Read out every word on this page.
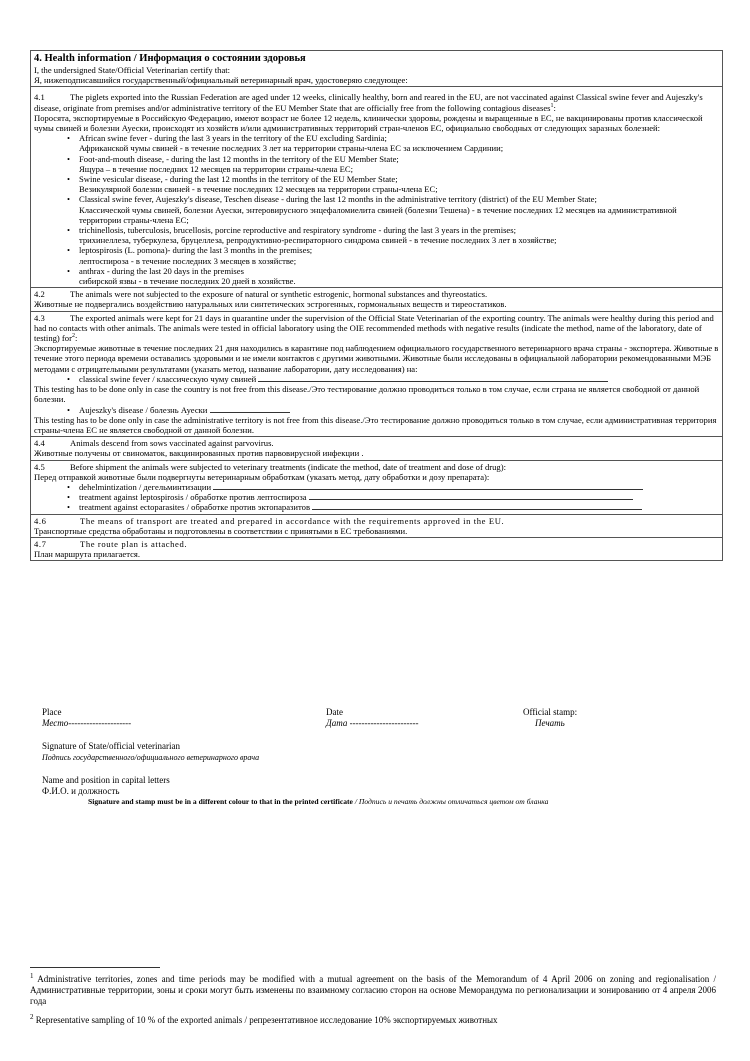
4. Health information / Информация о состоянии здоровья
I, the undersigned State/Official Veterinarian certify that:
Я, нижеподписавшийся государственный/официальный ветеринарный врач, удостоверяю следующее:
4.1	The piglets exported into the Russian Federation are aged under 12 weeks, clinically healthy, born and reared in the EU, are not vaccinated against Classical swine fever and Aujeszky's disease, originate from premises and/or administrative territory of the EU Member State that are officially free from the following contagious diseases$^1$:
Поросята, экспортируемые в Российскую Федерацию, имеют возраст не более 12 недель, клинически здоровы, рождены и выращенные в ЕС, не вакцинированы против классической чумы свиней и болезни Ауески, происходят из хозяйств и/или административных территорий стран-членов ЕС, официально свободных от следующих заразных болезней:
• African swine fever - during the last 3 years in the territory of the EU excluding Sardinia;
Африканской чумы свиней - в течение последних 3 лет на территории страны-члена ЕС за исключением Сардинии;
• Foot-and-mouth disease, - during the last 12 months in the territory of the EU Member State;
Ящура – в течение последних 12 месяцев на территории страны-члена ЕС;
• Swine vesicular disease, - during the last 12 months in the territory of the EU Member State;
Везикулярной болезни свиней - в течение последних 12 месяцев на территории страны-члена ЕС;
• Classical swine fever, Aujeszky's disease, Teschen disease - during the last 12 months in the administrative territory (district) of the EU Member State;
Классической чумы свиней, болезни Ауески, энтеровирусного энцефаломиелита свиней (болезни Тешена) - в течение последних 12 месяцев на административной территории страны-члена ЕС;
• trichinellosis, tuberculosis, brucellosis, porcine reproductive and respiratory syndrome - during the last 3 years in the premises;
трихинеллеза, туберкулеза, бруцеллеза, репродуктивно-респираторного синдрома свиней - в течение последних 3 лет в хозяйстве;
• leptospirosis (L. pomona)- during the last 3 months in the premises;
лептоспироза - в течение последних 3 месяцев в хозяйстве;
• anthrax - during the last 20 days in the premises
сибирской язвы - в течение последних 20 дней в хозяйстве.
4.2	The animals were not subjected to the exposure of natural or synthetic estrogenic, hormonal substances and thyreostatics.
Животные не подвергались воздействию натуральных или синтетических эстрогенных, гормональных веществ и тиреостатиков.
4.3	The exported animals were kept for 21 days in quarantine under the supervision of the Official State Veterinarian of the exporting country. The animals were healthy during this period and had no contacts with other animals. The animals were tested in official laboratory using the OIE recommended methods with negative results (indicate the method, name of the laboratory, date of testing) for$^2$:
Экспортируемые животные в течение последних 21 дня находились в карантине под наблюдением официального государственного ветеринарного врача страны - экспортера. Животные в течение этого периода времени оставались здоровыми и не имели контактов с другими животными. Животные были исследованы в официальной лаборатории рекомендованными МЭБ методами с отрицательными результатами (указать метод, название лаборатории, дату исследования) на:
• classical swine fever / классическую чуму свиней
This testing has to be done only in case the country is not free from this disease./Это тестирование должно проводиться только в том случае, если страна не является свободной от данной болезни.
• Aujeszky's disease / болезнь Ауески
This testing has to be done only in case the administrative territory is not free from this disease./Это тестирование должно проводиться только в том случае, если административная территория страны-члена ЕС не является свободной от данной болезни.
4.4	Animals descend from sows vaccinated against parvovirus.
Животные получены от свиноматок, вакцинированных против парвовирусной инфекции .
4.5	Before shipment the animals were subjected to veterinary treatments (indicate the method, date of treatment and dose of drug):
Перед отправкой животные были подвергнуты ветеринарным обработкам (указать метод, дату обработки и дозу препарата):
• dehelmintization / дегельминтизации
• treatment against leptospirosis / обработке против лептоспироза
• treatment against ectoparasites / обработке против эктопаразитов
4.6	The means of transport are treated and prepared in accordance with the requirements approved in the EU.
Транспортные средства обработаны и подготовлены в соответствии с принятыми в ЕС требованиями.
4.7	The route plan is attached.
План маршрута прилагается.
Place
Место---------------------
Date
Дата -----------------------
Official stamp:
Печать
Signature of State/official veterinarian
Подпись государственного/официального ветеринарного врача
Name and position in capital letters
Ф.И.О. и должность
Signature and stamp must be in a different colour to that in the printed certificate / Подпись и печать должны отличаться цветом от бланка
$^1$ Administrative territories, zones and time periods may be modified with a mutual agreement on the basis of the Memorandum of 4 April 2006 on zoning and regionalisation / Административные территории, зоны и сроки могут быть изменены по взаимному согласию сторон на основе Меморандума по регионализации и зонированию от 4 апреля 2006 года
$^2$ Representative sampling of 10 % of the exported animals / репрезентативное исследование 10% экспортируемых животных
